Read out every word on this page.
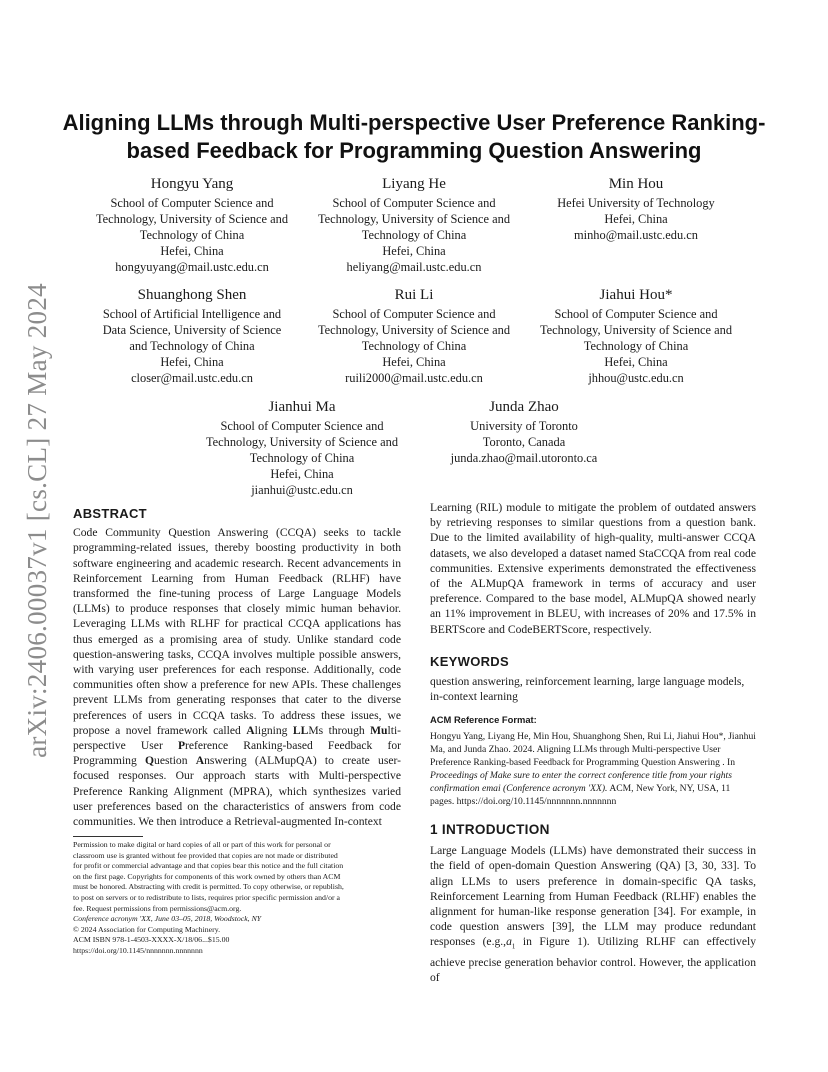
arXiv:2406.00037v1 [cs.CL] 27 May 2024
Aligning LLMs through Multi-perspective User Preference Ranking-based Feedback for Programming Question Answering
Hongyu Yang
School of Computer Science and
Technology, University of Science and
Technology of China
Hefei, China
hongyuyang@mail.ustc.edu.cn
Liyang He
School of Computer Science and
Technology, University of Science and
Technology of China
Hefei, China
heliyang@mail.ustc.edu.cn
Min Hou
Hefei University of Technology
Hefei, China
minho@mail.ustc.edu.cn
Shuanghong Shen
School of Artificial Intelligence and
Data Science, University of Science
and Technology of China
Hefei, China
closer@mail.ustc.edu.cn
Rui Li
School of Computer Science and
Technology, University of Science and
Technology of China
Hefei, China
ruili2000@mail.ustc.edu.cn
Jiahui Hou*
School of Computer Science and
Technology, University of Science and
Technology of China
Hefei, China
jhhou@ustc.edu.cn
Jianhui Ma
School of Computer Science and
Technology, University of Science and
Technology of China
Hefei, China
jianhui@ustc.edu.cn
Junda Zhao
University of Toronto
Toronto, Canada
junda.zhao@mail.utoronto.ca
ABSTRACT

Code Community Question Answering (CCQA) seeks to tackle programming-related issues, thereby boosting productivity in both software engineering and academic research. Recent advancements in Reinforcement Learning from Human Feedback (RLHF) have transformed the fine-tuning process of Large Language Models (LLMs) to produce responses that closely mimic human behavior. Leveraging LLMs with RLHF for practical CCQA applications has thus emerged as a promising area of study. Unlike standard code question-answering tasks, CCQA involves multiple possible answers, with varying user preferences for each response. Additionally, code communities often show a preference for new APIs. These challenges prevent LLMs from generating responses that cater to the diverse preferences of users in CCQA tasks. To address these issues, we propose a novel framework called Aligning LLMs through Multi-perspective User Preference Ranking-based Feedback for Programming Question Answering (ALMupQA) to create user-focused responses. Our approach starts with Multi-perspective Preference Ranking Alignment (MPRA), which synthesizes varied user preferences based on the characteristics of answers from code communities. We then introduce a Retrieval-augmented In-context

Permission to make digital or hard copies of all or part of this work for personal or
classroom use is granted without fee provided that copies are not made or distributed
for profit or commercial advantage and that copies bear this notice and the full citation
on the first page. Copyrights for components of this work owned by others than ACM
must be honored. Abstracting with credit is permitted. To copy otherwise, or republish,
to post on servers or to redistribute to lists, requires prior specific permission and/or a
fee. Request permissions from permissions@acm.org.
Conference acronym 'XX, June 03–05, 2018, Woodstock, NY
© 2024 Association for Computing Machinery.
ACM ISBN 978-1-4503-XXXX-X/18/06...$15.00
https://doi.org/10.1145/nnnnnnn.nnnnnnn

Learning (RIL) module to mitigate the problem of outdated answers by retrieving responses to similar questions from a question bank. Due to the limited availability of high-quality, multi-answer CCQA datasets, we also developed a dataset named StaCCQA from real code communities. Extensive experiments demonstrated the effectiveness of the ALMupQA framework in terms of accuracy and user preference. Compared to the base model, ALMupQA showed nearly an 11% improvement in BLEU, with increases of 20% and 17.5% in BERTScore and CodeBERTScore, respectively.

KEYWORDS

question answering, reinforcement learning, large language models, in-context learning

ACM Reference Format:

Hongyu Yang, Liyang He, Min Hou, Shuanghong Shen, Rui Li, Jiahui Hou*, Jianhui Ma, and Junda Zhao. 2024. Aligning LLMs through Multi-perspective User Preference Ranking-based Feedback for Programming Question Answering . In Proceedings of Make sure to enter the correct conference title from your rights confirmation emai (Conference acronym 'XX). ACM, New York, NY, USA, 11 pages. https://doi.org/10.1145/nnnnnnn.nnnnnnn

1 INTRODUCTION

Large Language Models (LLMs) have demonstrated their success in the field of open-domain Question Answering (QA) [3, 30, 33]. To align LLMs to users preference in domain-specific QA tasks, Reinforcement Learning from Human Feedback (RLHF) enables the alignment for human-like response generation [34]. For example, in code question answers [39], the LLM may produce redundant responses ($e.g.,a_1$ in Figure 1). Utilizing RLHF can effectively achieve precise generation behavior control. However, the application of
